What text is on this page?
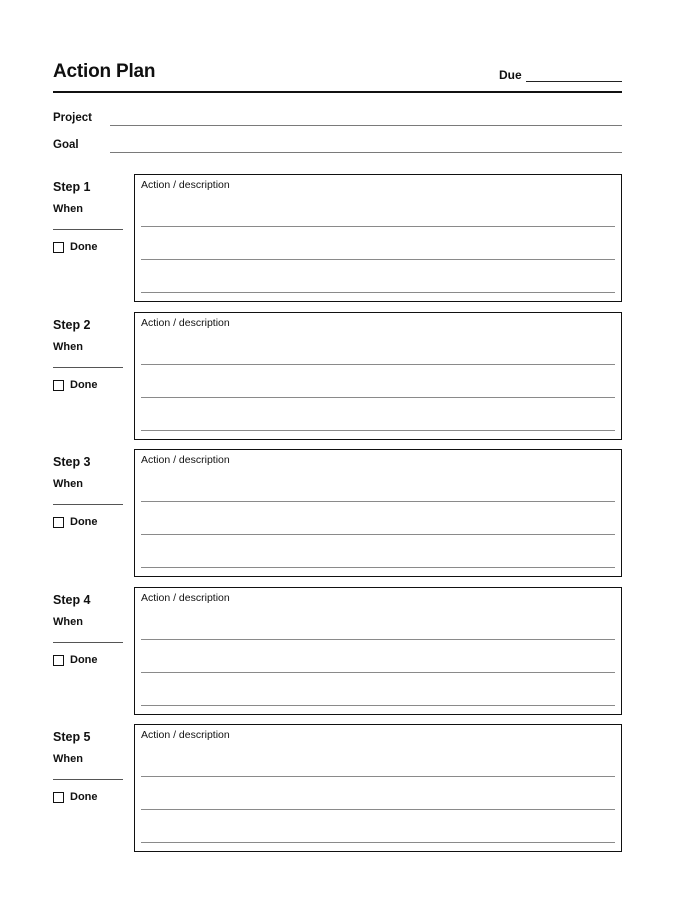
Action Plan	Due
Project
Goal
Step 1
When
Done
Action / description
Step 2
When
Done
Action / description
Step 3
When
Done
Action / description
Step 4
When
Done
Action / description
Step 5
When
Done
Action / description
